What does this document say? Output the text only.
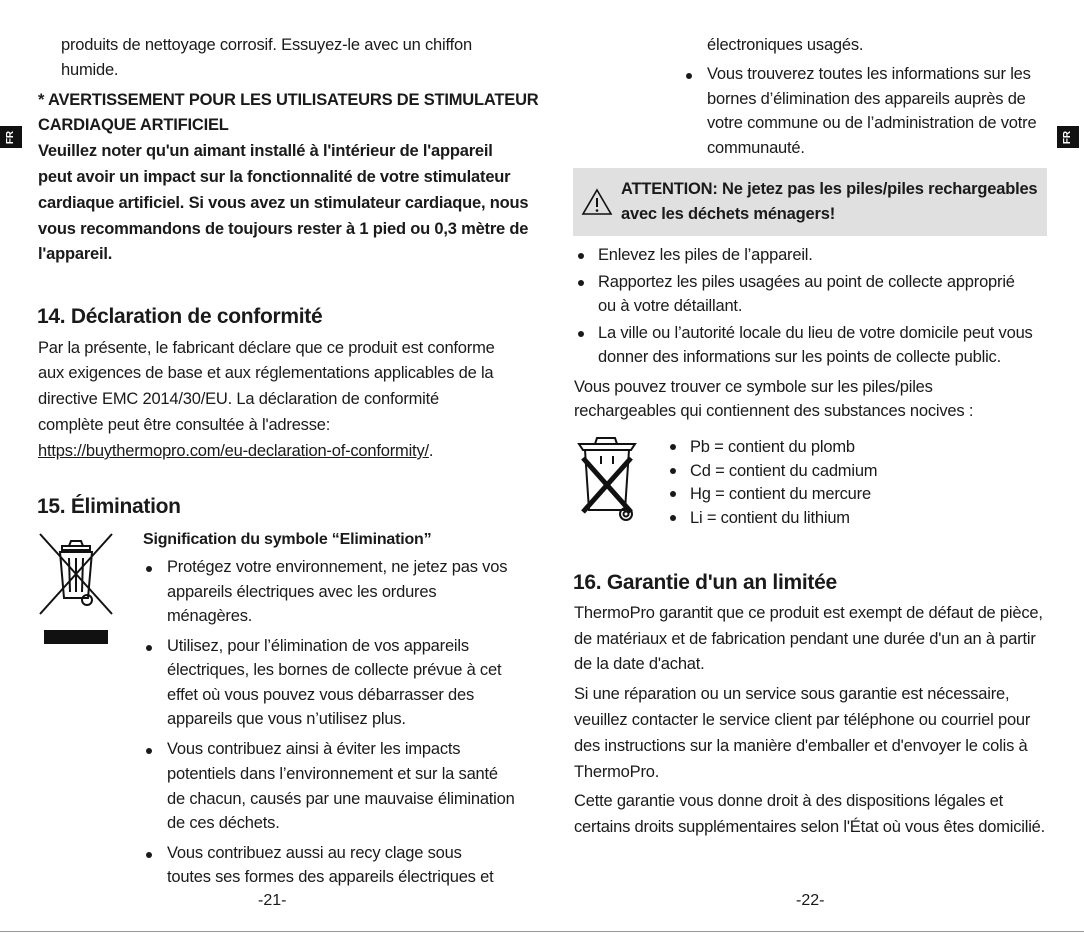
FR
produits de nettoyage corrosif. Essuyez-le avec un chiffon
humide.
* AVERTISSEMENT POUR LES UTILISATEURS DE STIMULATEUR
CARDIAQUE ARTIFICIEL
Veuillez noter qu'un aimant installé à l'intérieur de l'appareil
peut avoir un impact sur la fonctionnalité de votre stimulateur
cardiaque artificiel. Si vous avez un stimulateur cardiaque, nous
vous recommandons de toujours rester à 1 pied ou 0,3 mètre de
l'appareil.
14. Déclaration de conformité
Par la présente, le fabricant déclare que ce produit est conforme
aux exigences de base et aux réglementations applicables de la
directive EMC 2014/30/EU. La déclaration de conformité
complète peut être consultée à l'adresse:
https://buythermopro.com/eu-declaration-of-conformity/.
15. Élimination
Signification du symbole “Elimination”
Protégez votre environnement, ne jetez pas vos
appareils électriques avec les ordures
ménagères.
Utilisez, pour l’élimination de vos appareils
électriques, les bornes de collecte prévue à cet
effet où vous pouvez vous débarrasser des
appareils que vous n’utilisez plus.
Vous contribuez ainsi à éviter les impacts
potentiels dans l’environnement et sur la santé
de chacun, causés par une mauvaise élimination
de ces déchets.
Vous contribuez aussi au recy clage sous
toutes ses formes des appareils électriques et
-21-
FR
électroniques usagés.
Vous trouverez toutes les informations sur les
bornes d’élimination des appareils auprès de
votre commune ou de l’administration de votre
communauté.
ATTENTION: Ne jetez pas les piles/piles rechargeables
avec les déchets ménagers!
Enlevez les piles de l’appareil.
Rapportez les piles usagées au point de collecte approprié
ou à votre détaillant.
La ville ou l’autorité locale du lieu de votre domicile peut vous
donner des informations sur les points de collecte public.
Vous pouvez trouver ce symbole sur les piles/piles
rechargeables qui contiennent des substances nocives :
Pb = contient du plomb
Cd = contient du cadmium
Hg = contient du mercure
Li = contient du lithium
16. Garantie d'un an limitée
ThermoPro garantit que ce produit est exempt de défaut de pièce,
de matériaux et de fabrication pendant une durée d'un an à partir
de la date d'achat.
Si une réparation ou un service sous garantie est nécessaire,
veuillez contacter le service client par téléphone ou courriel pour
des instructions sur la manière d'emballer et d'envoyer le colis à
ThermoPro.
Cette garantie vous donne droit à des dispositions légales et
certains droits supplémentaires selon l'État où vous êtes domicilié.
-22-
